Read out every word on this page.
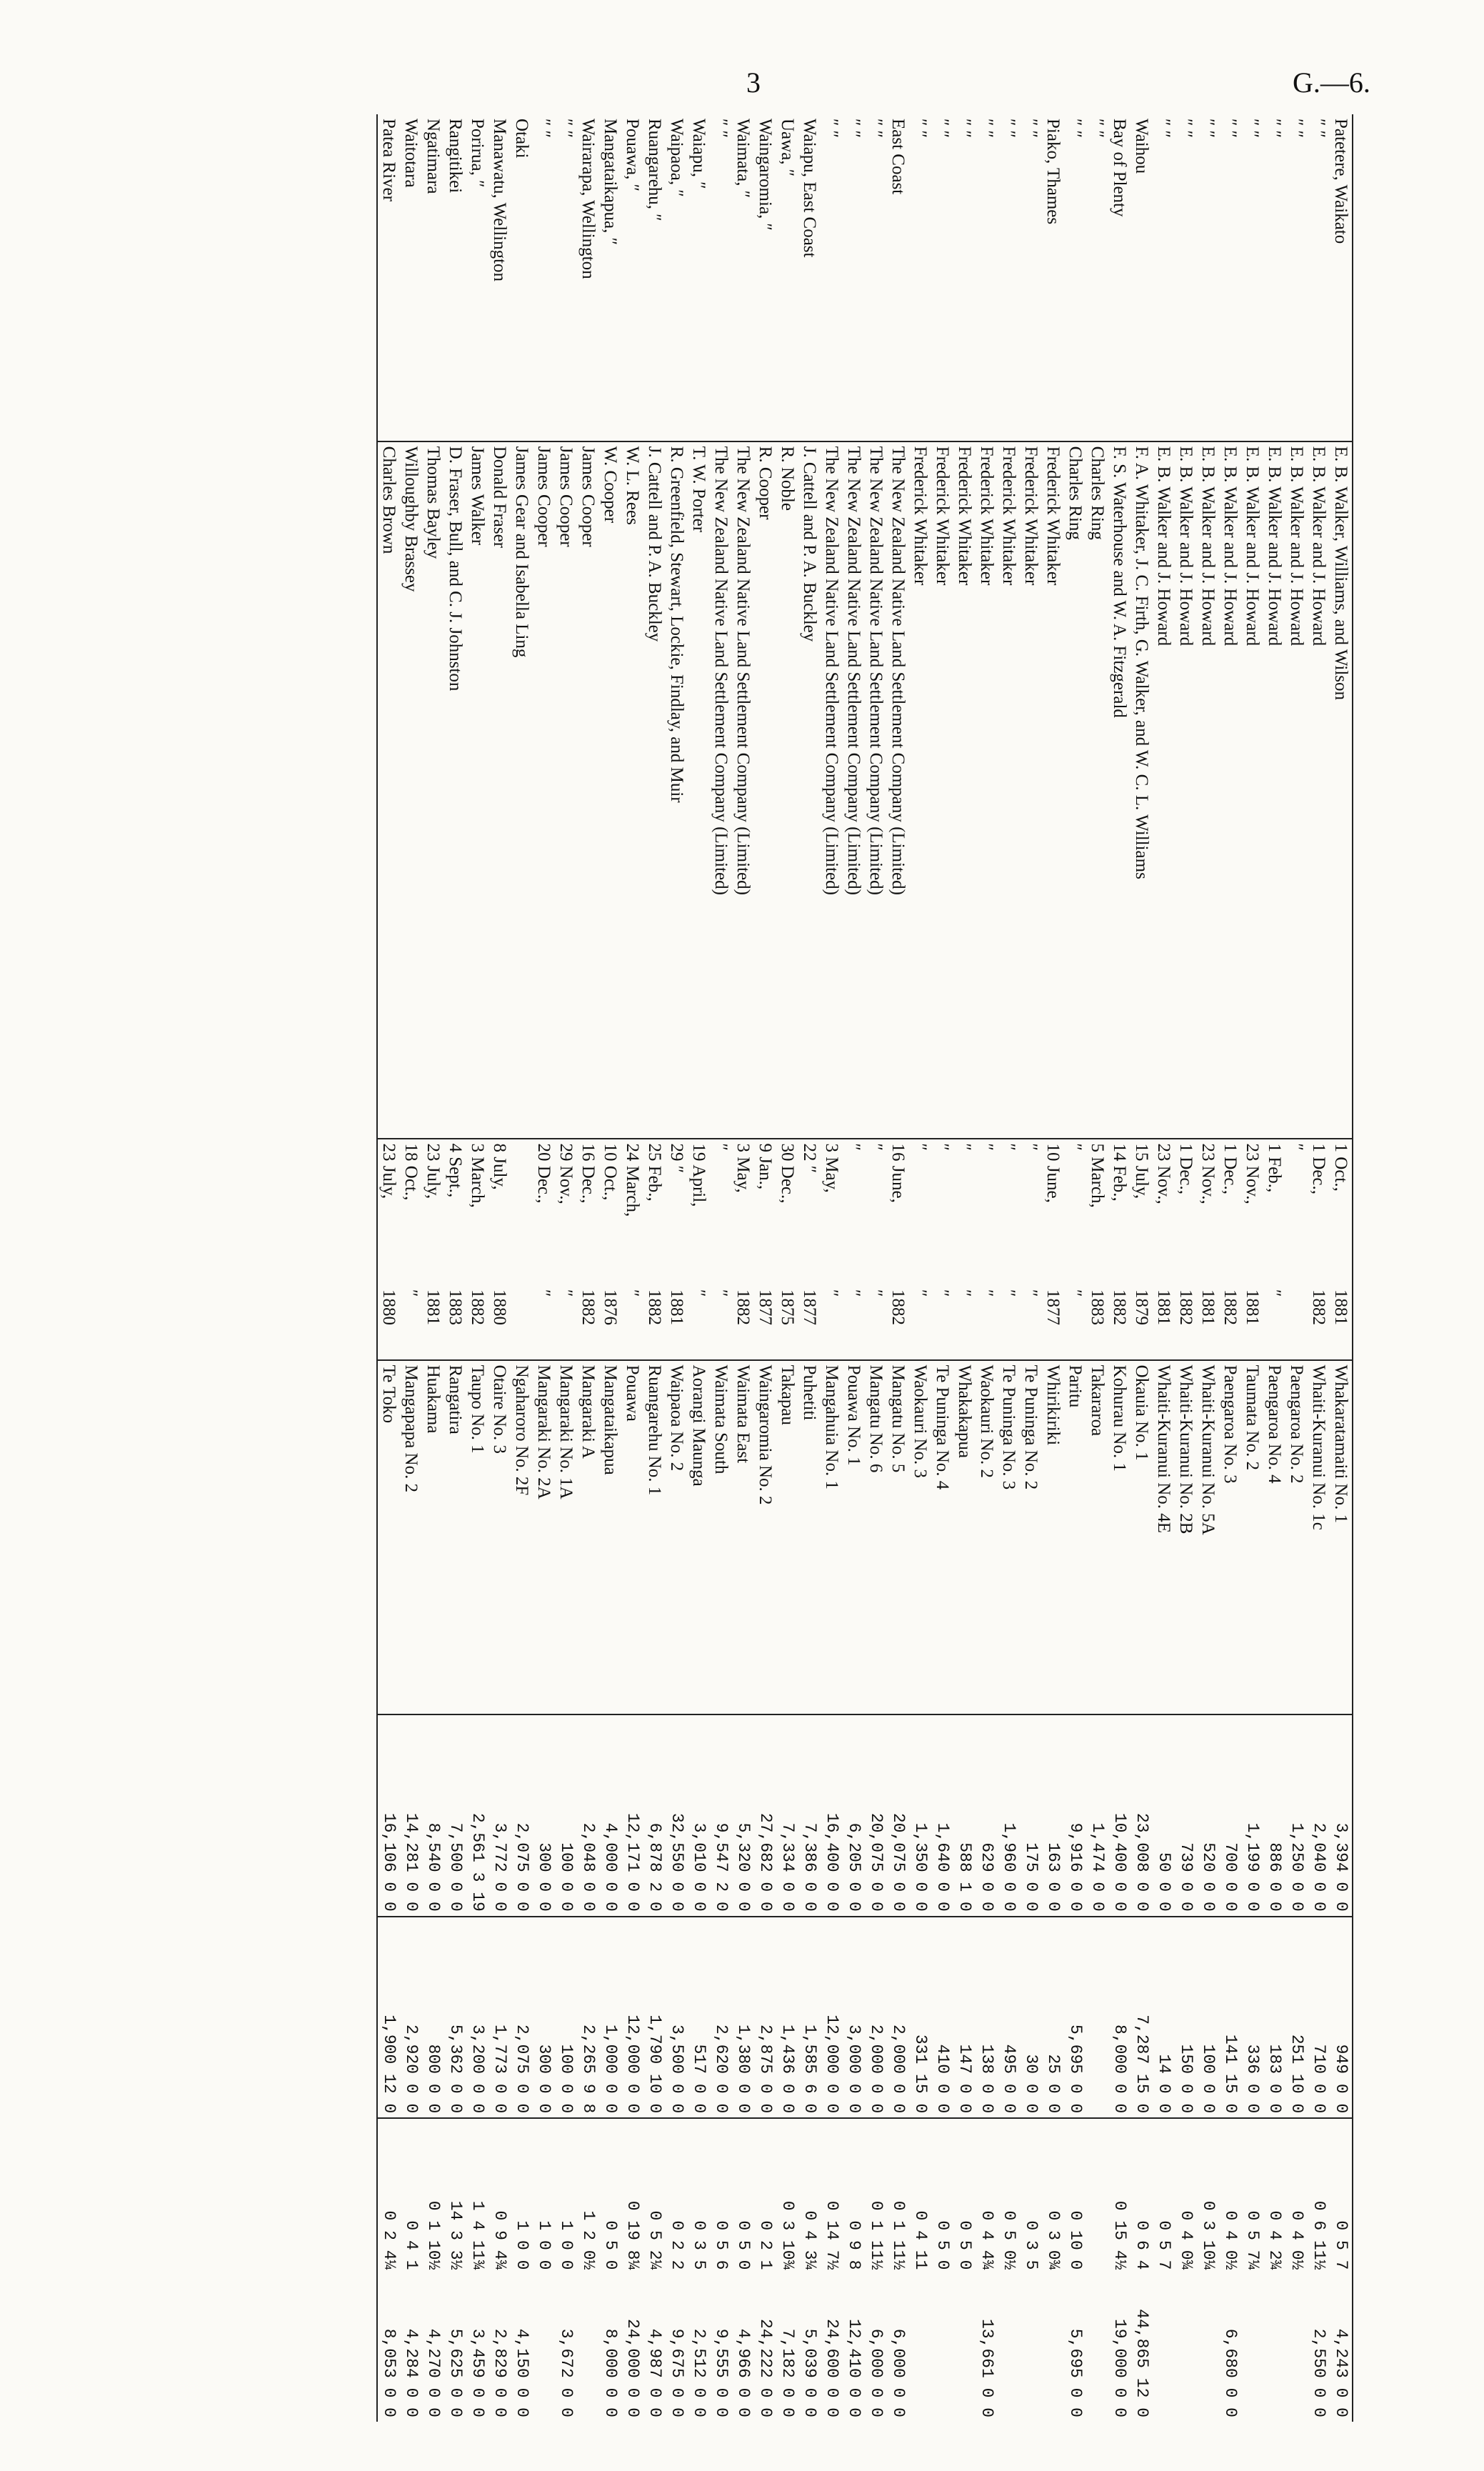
3	G.—6.
Patetere, Waikato	E. B. Walker, Williams, and Wilson	1 Oct.,	1881	Whakaratamaiti No. 1	3,394 0 0	949 0 0	0 5 7	4,243 0 0
″ ″	E. B. Walker and J. Howard	1 Dec.,	1882	Whaiti-Kuranui No. 1c	2,040 0 0	710 0 0	0 6 11½	2,550 0 0
″ ″	E. B. Walker and J. Howard	″		Paengaroa No. 2	1,250 0 0	251 10 0	0 4 0½	
″ ″	E. B. Walker and J. Howard	1 Feb.,	″	Paengaroa No. 4	886 0 0	183 0 0	0 4 2¾	
″ ″	E. B. Walker and J. Howard	23 Nov.,	1881	Taumata No. 2	1,199 0 0	336 0 0	0 5 7¼	
″ ″	E. B. Walker and J. Howard	1 Dec.,	1882	Paengaroa No. 3	700 0 0	141 15 0	0 4 0½	6,680 0 0
″ ″	E. B. Walker and J. Howard	23 Nov.,	1881	Whaiti-Kuranui No. 5A	520 0 0	100 0 0	0 3 10¼	
″ ″	E. B. Walker and J. Howard	1 Dec.,	1882	Whaiti-Kuranui No. 2B	739 0 0	150 0 0	0 4 0¾	
″ ″	E. B. Walker and J. Howard	23 Nov.,	1881	Whaiti-Kuranui No. 4E	50 0 0	14 0 0	0 5 7	
Waihou	F. A. Whitaker, J. C. Firth, G. Walker, and W. C. L. Williams	15 July,	1879	Okauia No. 1	23,008 0 0	7,287 15 0	0 6 4	44,865 12 0
Bay of Plenty	F. S. Waterhouse and W. A. Fitzgerald	14 Feb.,	1882	Kohurau No. 1	10,400 0 0	8,000 0 0	0 15 4½	19,000 0 0
″ ″	Charles Ring	5 March,	1883	Takararoa	1,474 0 0			
″ ″	Charles Ring	″	″	Paritu	9,916 0 0	5,695 0 0	0 10 0	5,695 0 0
Piako, Thames	Frederick Whitaker	10 June,	1877	Whirikiriki	163 0 0	25 0 0	0 3 0¾	
″ ″	Frederick Whitaker	″	″	Te Puninga No. 2	175 0 0	30 0 0	0 3 5	
″ ″	Frederick Whitaker	″	″	Te Puninga No. 3	1,960 0 0	495 0 0	0 5 0½	
″ ″	Frederick Whitaker	″	″	Waokauri No. 2	629 0 0	138 0 0	0 4 4¾	13,661 0 0
″ ″	Frederick Whitaker	″	″	Whakakapua	588 1 0	147 0 0	0 5 0	
″ ″	Frederick Whitaker	″	″	Te Puninga No. 4	1,640 0 0	410 0 0	0 5 0	
″ ″	Frederick Whitaker	″	″	Waokauri No. 3	1,350 0 0	331 15 0	0 4 11	
East Coast	The New Zealand Native Land Settlement Company (Limited)	16 June,	1882	Mangatu No. 5	20,075 0 0	2,000 0 0	0 1 11½	6,000 0 0
″ ″	The New Zealand Native Land Settlement Company (Limited)	″	″	Mangatu No. 6	20,075 0 0	2,000 0 0	0 1 11½	6,000 0 0
″ ″	The New Zealand Native Land Settlement Company (Limited)	″	″	Pouawa No. 1	6,205 0 0	3,000 0 0	0 9 8	12,410 0 0
″ ″	The New Zealand Native Land Settlement Company (Limited)	3 May,	″	Mangahuia No. 1	16,400 0 0	12,000 0 0	0 14 7½	24,600 0 0
Waiapu, East Coast	J. Cattell and P. A. Buckley	22 ″	1877	Puhetiti	7,386 0 0	1,585 6 0	0 4 3¼	5,039 0 0
Uawa, ″	R. Noble	30 Dec.,	1875	Takapau	7,334 0 0	1,436 0 0	0 3 10¾	7,182 0 0
Waingaromia, ″	R. Cooper	9 Jan.,	1877	Waingaromia No. 2	27,682 0 0	2,875 0 0	0 2 1	24,222 0 0
Waimata, ″	The New Zealand Native Land Settlement Company (Limited)	3 May,	1882	Waimata East	5,320 0 0	1,380 0 0	0 5 0	4,966 0 0
″ ″	The New Zealand Native Land Settlement Company (Limited)	″	″	Waimata South	9,547 2 0	2,620 0 0	0 5 6	9,555 0 0
Waiapu, ″	T. W. Porter	19 April,	″	Aorangi Maunga	3,010 0 0	517 0 0	0 3 5	2,512 0 0
Waipaoa, ″	R. Greenfield, Stewart, Lockie, Findlay, and Muir	29 ″	1881	Waipaoa No. 2	32,550 0 0	3,500 0 0	0 2 2	9,675 0 0
Ruangarehu, ″	J. Cattell and P. A. Buckley	25 Feb.,	1882	Ruangarehu No. 1	6,878 2 0	1,790 10 0	0 5 2¼	4,987 0 0
Pouawa, ″	W. L. Rees	24 March,	″	Pouawa	12,171 0 0	12,000 0 0	0 19 8¼	24,000 0 0
Mangataikapua, ″	W. Cooper	10 Oct.,	1876	Mangataikapua	4,000 0 0	1,000 0 0	0 5 0	8,000 0 0
Wairarapa, Wellington	James Cooper	16 Dec.,	1882	Mangaraki A	2,048 0 0	2,265 9 8	1 2 0½	
″ ″	James Cooper	29 Nov.,	″	Mangaraki No. 1A	100 0 0	100 0 0	1 0 0	3,672 0 0
″ ″	James Cooper	20 Dec.,	″	Mangaraki No. 2A	300 0 0	300 0 0	1 0 0	
Otaki	James Gear and Isabella Ling			Ngaharoro No. 2F	2,075 0 0	2,075 0 0	1 0 0	4,150 0 0
Manawatu, Wellington	Donald Fraser	8 July,	1880	Otaire No. 3	3,772 0 0	1,773 0 0	0 9 4¾	2,829 0 0
Porirua, ″	James Walker	3 March,	1882	Taupo No. 1	2,561 3 19	3,200 0 0	1 4 11¾	3,459 0 0
Rangitikei	D. Fraser, Bull, and C. J. Johnston	4 Sept.,	1883	Rangatira	7,500 0 0	5,362 0 0	14 3 3½	5,625 0 0
Ngatimara	Thomas Bayley	23 July,	1881	Huakama	8,540 0 0	800 0 0	0 1 10½	4,270 0 0
Waitotara	Willoughby Brassey	18 Oct.,	″	Mangapapa No. 2	14,281 0 0	2,920 0 0	0 4 1	4,284 0 0
Patea River	Charles Brown	23 July,	1880	Te Toko	16,106 0 0	1,900 12 0	0 2 4¼	8,053 0 0
